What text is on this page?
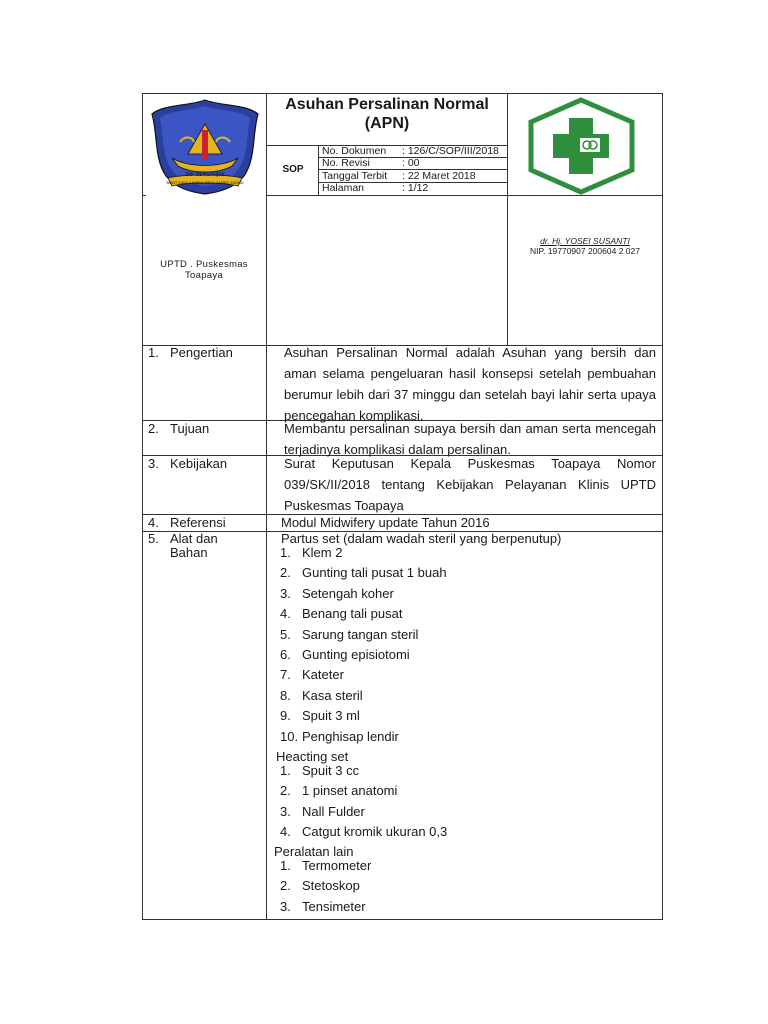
TAK BERGANJAK
BUKIT SAKA SAMBUL DESA SAMBU SUSEDI
Asuhan Persalinan Normal (APN)
SOP
No. Dokumen : 126/C/SOP/III/2018
No. Revisi	: 00
Tanggal Terbit : 22 Maret 2018
Halaman	: 1/12
UPTD . Puskesmas Toapaya
dr. Hj. YOSEI SUSANTI
NIP. 19770907 200604 2 027
1. Pengertian	Asuhan Persalinan Normal adalah Asuhan yang bersih dan aman selama pengeluaran hasil konsepsi setelah pembuahan berumur lebih dari 37 minggu dan setelah bayi lahir serta upaya pencegahan komplikasi.
2. Tujuan	Membantu persalinan supaya bersih dan aman serta mencegah terjadinya komplikasi dalam persalinan.
3. Kebijakan	Surat Keputusan Kepala Puskesmas Toapaya Nomor 039/SK/II/2018 tentang Kebijakan Pelayanan Klinis UPTD Puskesmas Toapaya
4. Referensi	Modul Midwifery update Tahun 2016
5. Alat dan
Bahan
Partus set (dalam wadah steril yang berpenutup)
1. Klem 2
2. Gunting tali pusat 1 buah
3. Setengah koher
4. Benang tali pusat
5. Sarung tangan steril
6. Gunting episiotomi
7. Kateter
8. Kasa steril
9. Spuit 3 ml
10. Penghisap lendir
Heacting set
1. Spuit 3 cc
2. 1 pinset anatomi
3. Nall Fulder
4. Catgut kromik ukuran 0,3
Peralatan lain
1. Termometer
2. Stetoskop
3. Tensimeter
